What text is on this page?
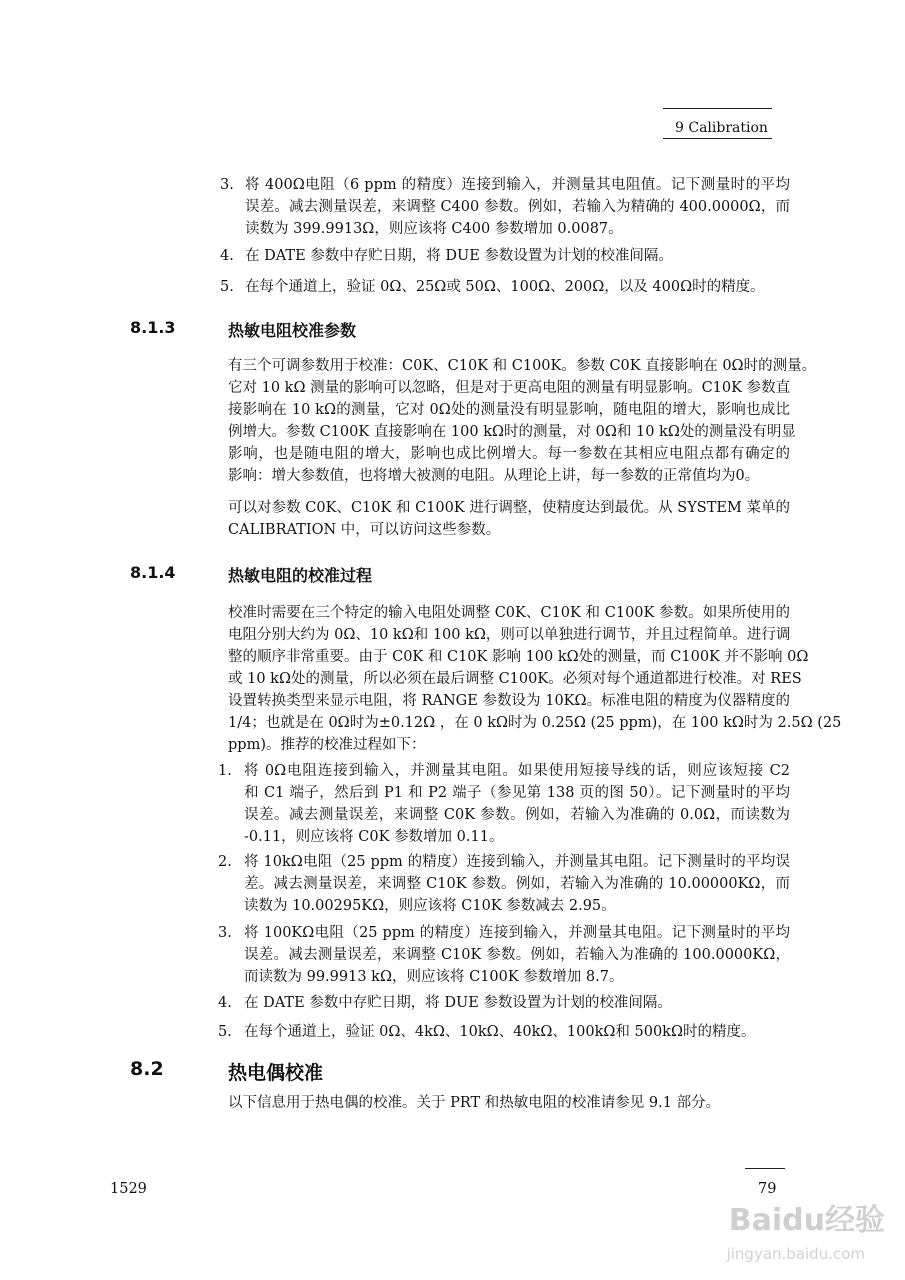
9 Calibration
3. 将 400Ω电阻（6 ppm 的精度）连接到输入，并测量其电阻值。记下测量时的平均
误差。减去测量误差，来调整 C400 参数。例如，若输入为精确的 400.0000Ω，而
读数为 399.9913Ω，则应该将 C400 参数增加 0.0087。
4. 在 DATE 参数中存贮日期，将 DUE 参数设置为计划的校准间隔。
5. 在每个通道上，验证 0Ω、25Ω或 50Ω、100Ω、200Ω，以及 400Ω时的精度。
8.1.3	热敏电阻校准参数
有三个可调参数用于校准：C0K、C10K 和 C100K。参数 C0K 直接影响在 0Ω时的测量。
它对 10 kΩ 测量的影响可以忽略，但是对于更高电阻的测量有明显影响。C10K 参数直
接影响在 10 kΩ的测量，它对 0Ω处的测量没有明显影响，随电阻的增大，影响也成比
例增大。参数 C100K 直接影响在 100 kΩ时的测量，对 0Ω和 10 kΩ处的测量没有明显
影响，也是随电阻的增大，影响也成比例增大。每一参数在其相应电阻点都有确定的
影响：增大参数值，也将增大被测的电阻。从理论上讲，每一参数的正常值均为0。
可以对参数 C0K、C10K 和 C100K 进行调整，使精度达到最优。从 SYSTEM 菜单的
CALIBRATION 中，可以访问这些参数。
8.1.4	热敏电阻的校准过程
校准时需要在三个特定的输入电阻处调整 C0K、C10K 和 C100K 参数。如果所使用的
电阻分别大约为 0Ω、10 kΩ和 100 kΩ，则可以单独进行调节，并且过程简单。进行调
整的顺序非常重要。由于 C0K 和 C10K 影响 100 kΩ处的测量，而 C100K 并不影响 0Ω
或 10 kΩ处的测量，所以必须在最后调整 C100K。必须对每个通道都进行校准。对 RES
设置转换类型来显示电阻，将 RANGE 参数设为 10KΩ。标准电阻的精度为仪器精度的
1/4；也就是在 0Ω时为±0.12Ω ，在 0 kΩ时为 0.25Ω (25 ppm)，在 100 kΩ时为 2.5Ω (25
ppm)。推荐的校准过程如下：
1. 将 0Ω电阻连接到输入，并测量其电阻。如果使用短接导线的话，则应该短接 C2
和 C1 端子，然后到 P1 和 P2 端子（参见第 138 页的图 50）。记下测量时的平均
误差。减去测量误差，来调整 C0K 参数。例如，若输入为准确的 0.0Ω，而读数为
-0.11，则应该将 C0K 参数增加 0.11。
2. 将 10kΩ电阻（25 ppm 的精度）连接到输入，并测量其电阻。记下测量时的平均误
差。减去测量误差，来调整 C10K 参数。例如，若输入为准确的 10.00000KΩ，而
读数为 10.00295KΩ，则应该将 C10K 参数减去 2.95。
3. 将 100KΩ电阻（25 ppm 的精度）连接到输入，并测量其电阻。记下测量时的平均
误差。减去测量误差，来调整 C10K 参数。例如，若输入为准确的 100.0000KΩ，
而读数为 99.9913 kΩ，则应该将 C100K 参数增加 8.7。
4. 在 DATE 参数中存贮日期，将 DUE 参数设置为计划的校准间隔。
5. 在每个通道上，验证 0Ω、4kΩ、10kΩ、40kΩ、100kΩ和 500kΩ时的精度。
8.2	热电偶校准
以下信息用于热电偶的校准。关于 PRT 和热敏电阻的校准请参见 9.1 部分。
1529	79
Baidu经验
jingyan.baidu.com
